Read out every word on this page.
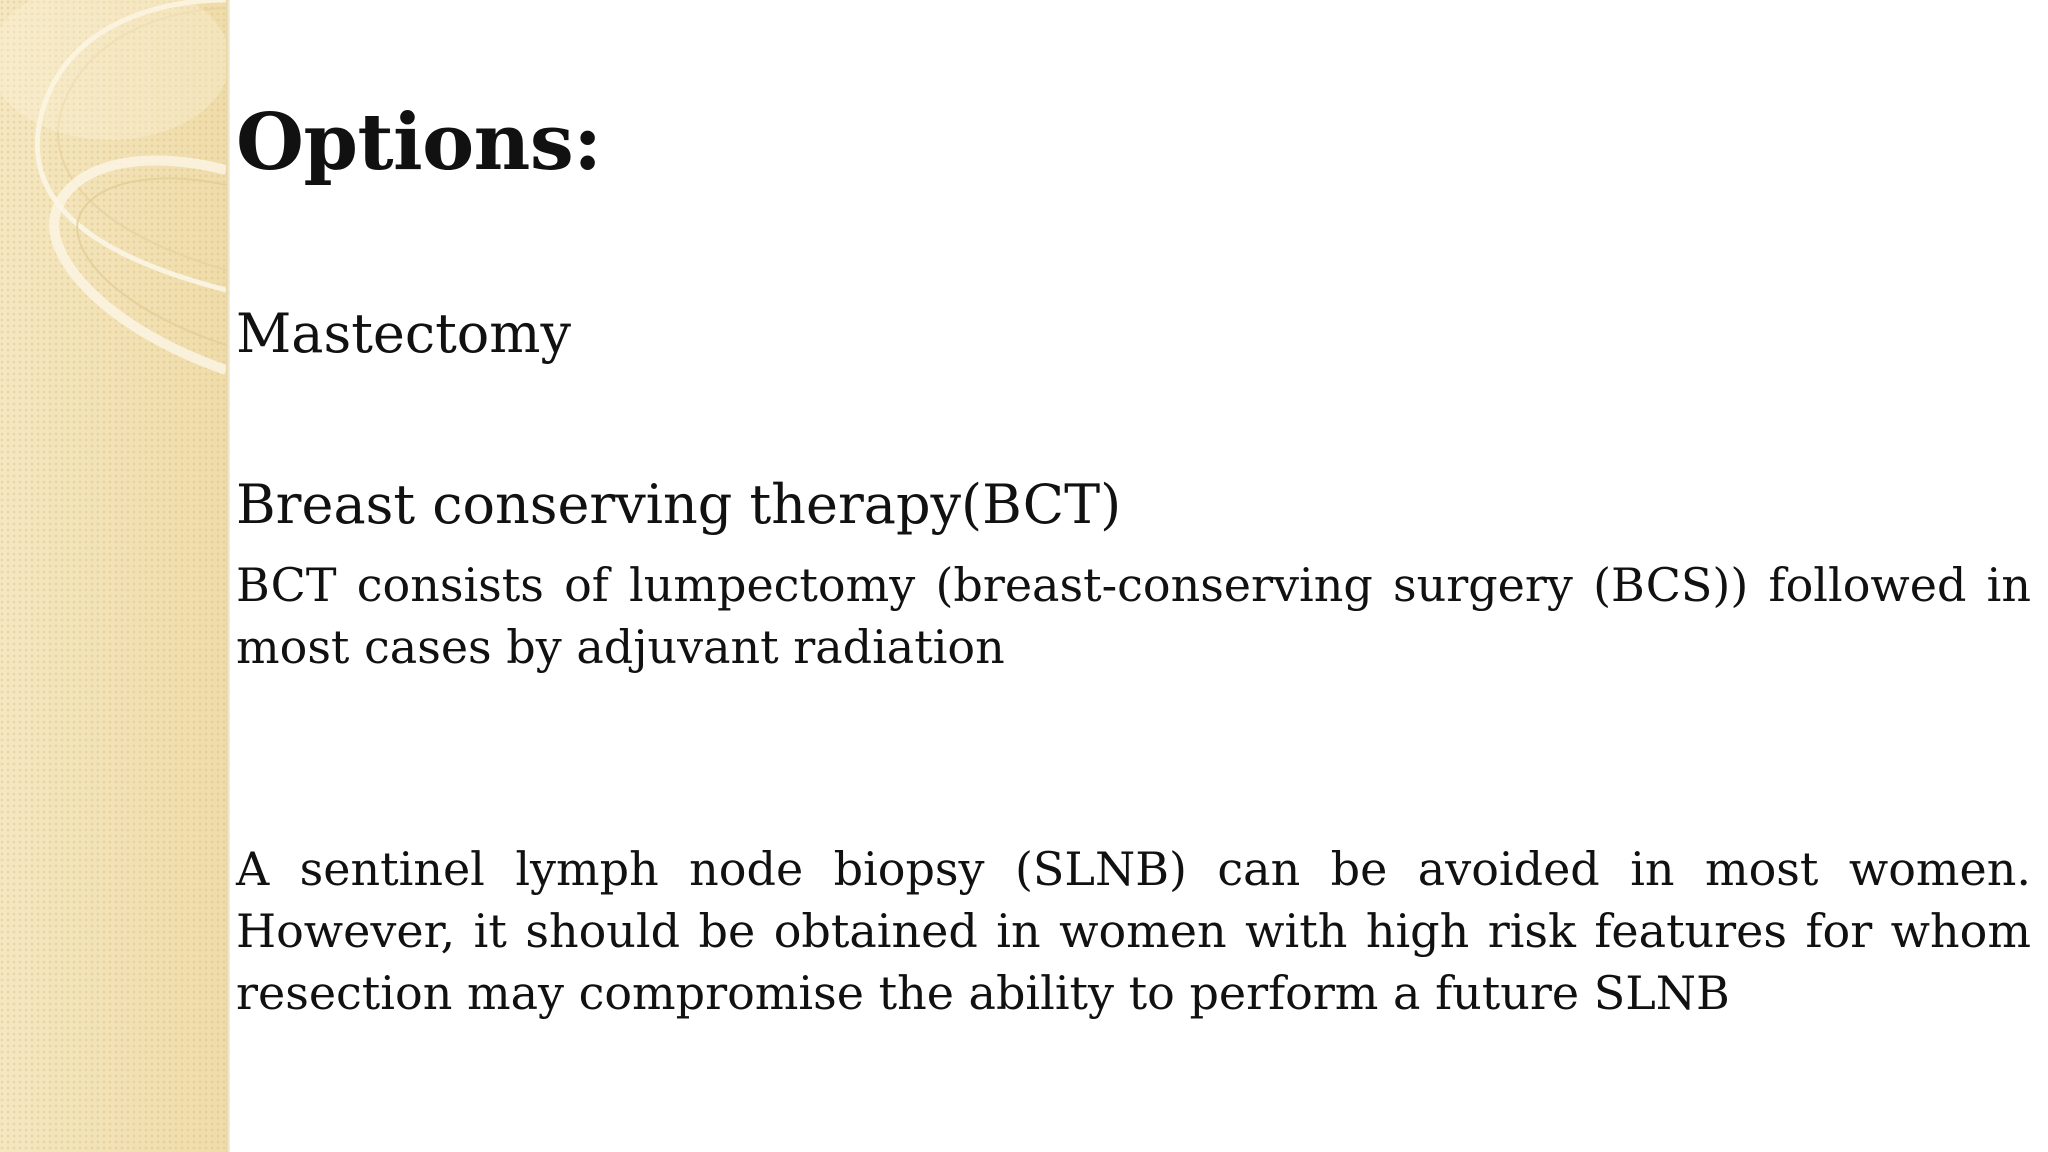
Options:

Mastectomy

Breast conserving therapy(BCT)

BCT consists of lumpectomy (breast-conserving surgery (BCS)) followed in most cases by adjuvant radiation

A sentinel lymph node biopsy (SLNB) can be avoided in most women. However, it should be obtained in women with high risk features for whom resection may compromise the ability to perform a future SLNB
